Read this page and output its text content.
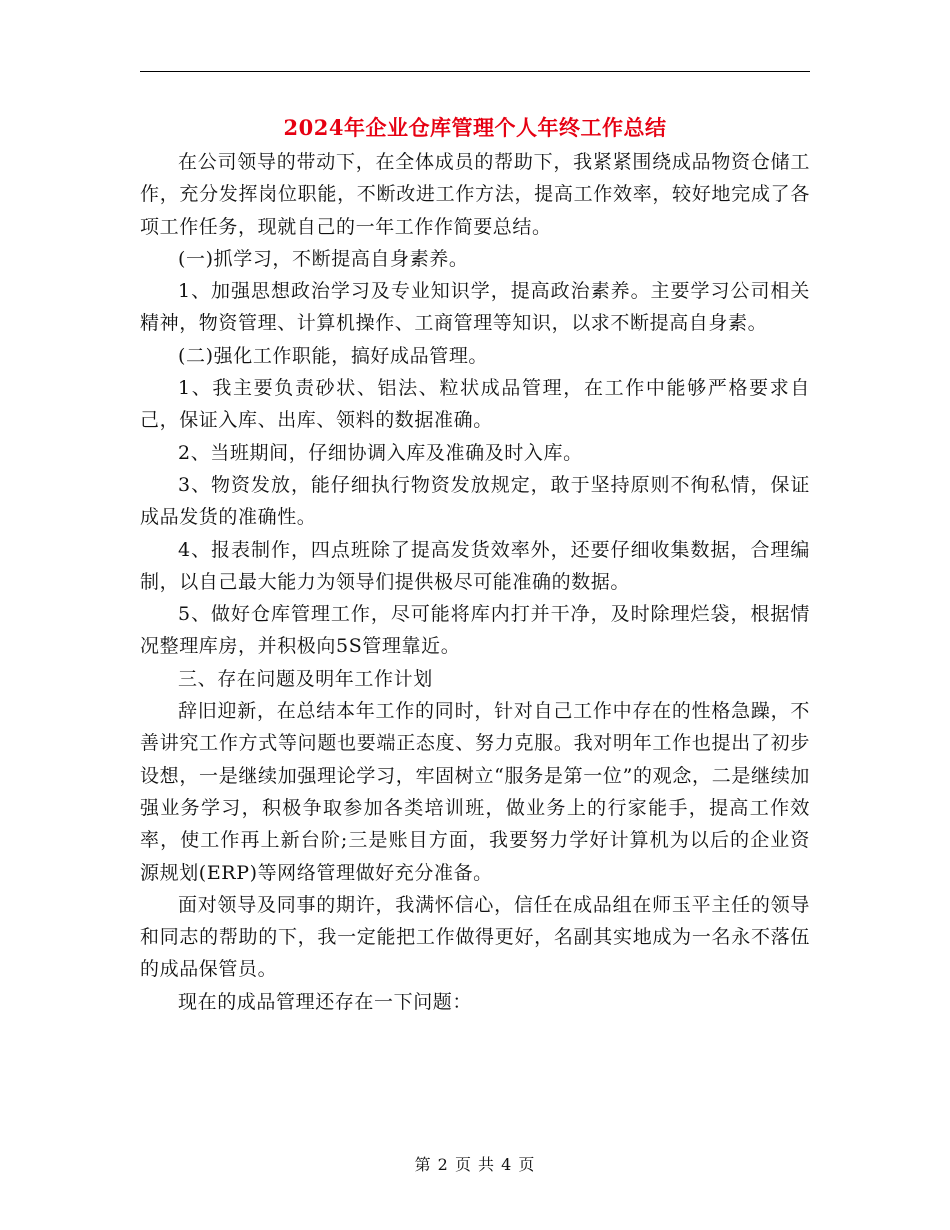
2024年企业仓库管理个人年终工作总结

在公司领导的带动下，在全体成员的帮助下，我紧紧围绕成品物资仓储工作，充分发挥岗位职能，不断改进工作方法，提高工作效率，较好地完成了各项工作任务，现就自己的一年工作作简要总结。

(一)抓学习，不断提高自身素养。

1、加强思想政治学习及专业知识学，提高政治素养。主要学习公司相关精神，物资管理、计算机操作、工商管理等知识，以求不断提高自身素。

(二)强化工作职能，搞好成品管理。

1、我主要负责砂状、铝法、粒状成品管理，在工作中能够严格要求自己，保证入库、出库、领料的数据准确。

2、当班期间，仔细协调入库及准确及时入库。

3、物资发放，能仔细执行物资发放规定，敢于坚持原则不徇私情，保证成品发货的准确性。

4、报表制作，四点班除了提高发货效率外，还要仔细收集数据，合理编制，以自己最大能力为领导们提供极尽可能准确的数据。

5、做好仓库管理工作，尽可能将库内打并干净，及时除理烂袋，根据情况整理库房，并积极向5S管理靠近。

三、存在问题及明年工作计划

辞旧迎新，在总结本年工作的同时，针对自己工作中存在的性格急躁，不善讲究工作方式等问题也要端正态度、努力克服。我对明年工作也提出了初步设想，一是继续加强理论学习，牢固树立“服务是第一位”的观念，二是继续加强业务学习，积极争取参加各类培训班，做业务上的行家能手，提高工作效率，使工作再上新台阶;三是账目方面，我要努力学好计算机为以后的企业资源规划(ERP)等网络管理做好充分准备。

面对领导及同事的期许，我满怀信心，信任在成品组在师玉平主任的领导和同志的帮助的下，我一定能把工作做得更好，名副其实地成为一名永不落伍的成品保管员。

现在的成品管理还存在一下问题：

第 2 页 共 4 页
